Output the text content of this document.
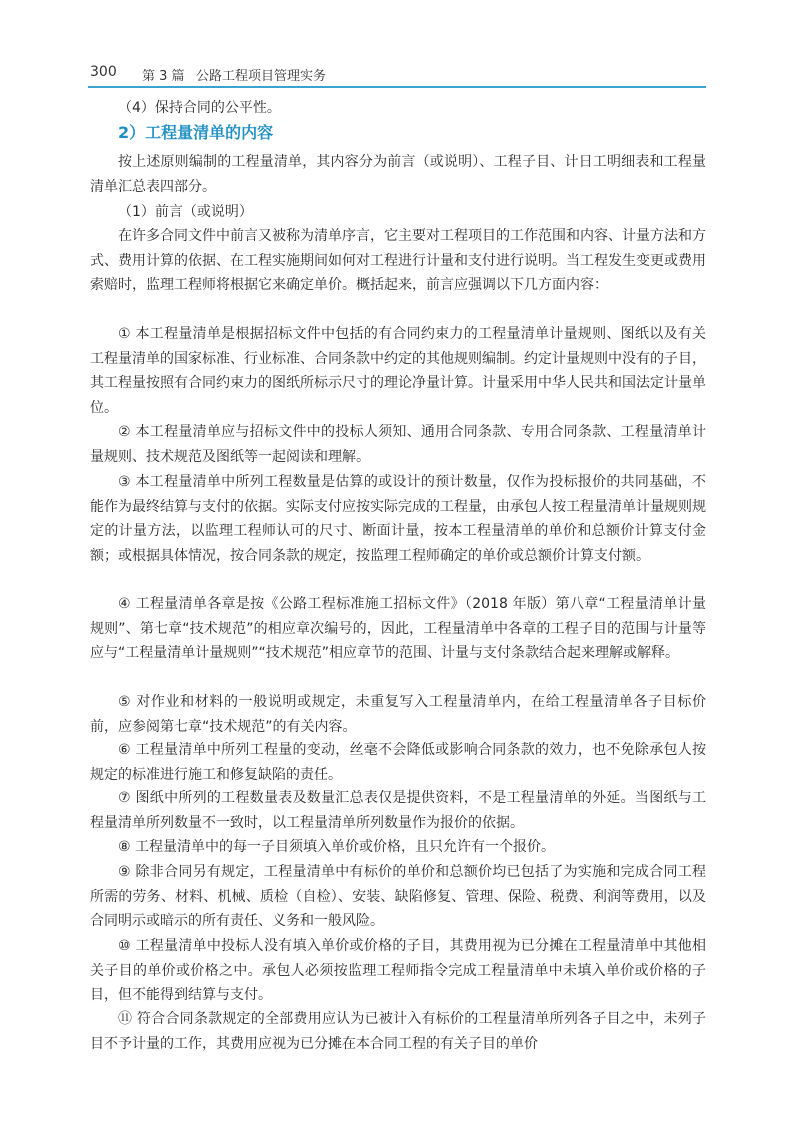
300 第 3 篇 公路工程项目管理实务

（4）保持合同的公平性。

2）工程量清单的内容

按上述原则编制的工程量清单，其内容分为前言（或说明）、工程子目、计日工明细表和工程量清单汇总表四部分。

（1）前言（或说明）

在许多合同文件中前言又被称为清单序言，它主要对工程项目的工作范围和内容、计量方法和方式、费用计算的依据、在工程实施期间如何对工程进行计量和支付进行说明。当工程发生变更或费用索赔时，监理工程师将根据它来确定单价。概括起来，前言应强调以下几方面内容：

① 本工程量清单是根据招标文件中包括的有合同约束力的工程量清单计量规则、图纸以及有关工程量清单的国家标准、行业标准、合同条款中约定的其他规则编制。约定计量规则中没有的子目，其工程量按照有合同约束力的图纸所标示尺寸的理论净量计算。计量采用中华人民共和国法定计量单位。

② 本工程量清单应与招标文件中的投标人须知、通用合同条款、专用合同条款、工程量清单计量规则、技术规范及图纸等一起阅读和理解。

③ 本工程量清单中所列工程数量是估算的或设计的预计数量，仅作为投标报价的共同基础，不能作为最终结算与支付的依据。实际支付应按实际完成的工程量，由承包人按工程量清单计量规则规定的计量方法，以监理工程师认可的尺寸、断面计量，按本工程量清单的单价和总额价计算支付金额；或根据具体情况，按合同条款的规定，按监理工程师确定的单价或总额价计算支付额。

④ 工程量清单各章是按《公路工程标准施工招标文件》（2018 年版）第八章“工程量清单计量规则”、第七章“技术规范”的相应章次编号的，因此，工程量清单中各章的工程子目的范围与计量等应与“工程量清单计量规则”“技术规范”相应章节的范围、计量与支付条款结合起来理解或解释。

⑤ 对作业和材料的一般说明或规定，未重复写入工程量清单内，在给工程量清单各子目标价前，应参阅第七章“技术规范”的有关内容。

⑥ 工程量清单中所列工程量的变动，丝毫不会降低或影响合同条款的效力，也不免除承包人按规定的标准进行施工和修复缺陷的责任。

⑦ 图纸中所列的工程数量表及数量汇总表仅是提供资料，不是工程量清单的外延。当图纸与工程量清单所列数量不一致时，以工程量清单所列数量作为报价的依据。

⑧ 工程量清单中的每一子目须填入单价或价格，且只允许有一个报价。

⑨ 除非合同另有规定，工程量清单中有标价的单价和总额价均已包括了为实施和完成合同工程所需的劳务、材料、机械、质检（自检）、安装、缺陷修复、管理、保险、税费、利润等费用，以及合同明示或暗示的所有责任、义务和一般风险。

⑩ 工程量清单中投标人没有填入单价或价格的子目，其费用视为已分摊在工程量清单中其他相关子目的单价或价格之中。承包人必须按监理工程师指令完成工程量清单中未填入单价或价格的子目，但不能得到结算与支付。

⑪ 符合合同条款规定的全部费用应认为已被计入有标价的工程量清单所列各子目之中，未列子目不予计量的工作，其费用应视为已分摊在本合同工程的有关子目的单价
